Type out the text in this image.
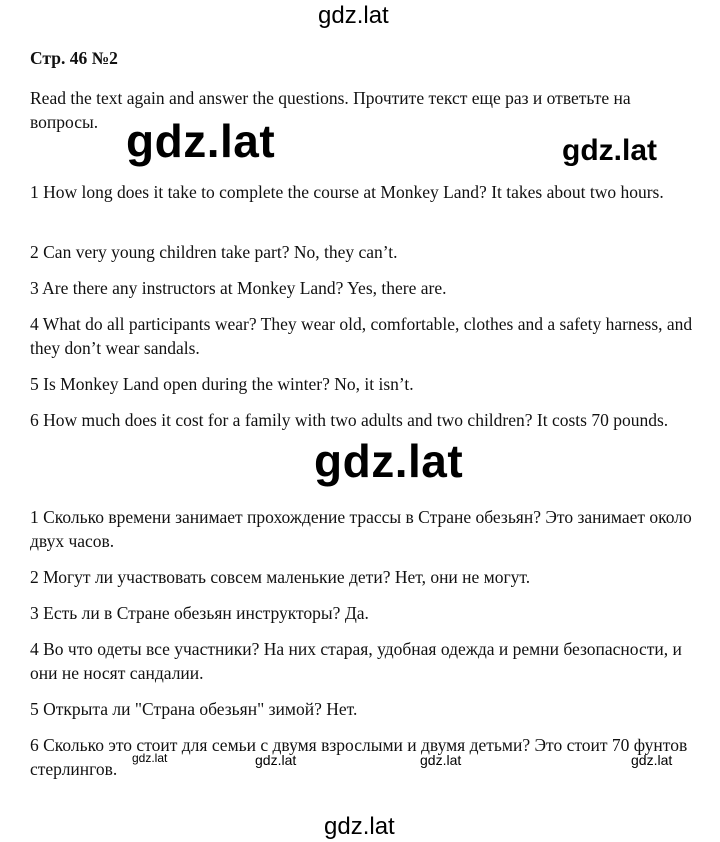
Стр. 46 №2
Read the text again and answer the questions. Прочтите текст еще раз и ответьте на вопросы.
1 How long does it take to complete the course at Monkey Land? It takes about two hours.
2 Can very young children take part? No, they can’t.
3 Are there any instructors at Monkey Land? Yes, there are.
4 What do all participants wear? They wear old, comfortable, clothes and a safety harness, and they don’t wear sandals.
5 Is Monkey Land open during the winter? No, it isn’t.
6 How much does it cost for a family with two adults and two children? It costs 70 pounds.
1 Сколько времени занимает прохождение трассы в Стране обезьян? Это занимает около двух часов.
2 Могут ли участвовать совсем маленькие дети? Нет, они не могут.
3 Есть ли в Стране обезьян инструкторы? Да.
4 Во что одеты все участники? На них старая, удобная одежда и ремни безопасности, и они не носят сандалии.
5 Открыта ли "Страна обезьян" зимой? Нет.
6 Сколько это стоит для семьи с двумя взрослыми и двумя детьми? Это стоит 70 фунтов стерлингов.
gdz.lat
gdz.lat	gdz.lat
gdz.lat
gdz.lat	gdz.lat	gdz.lat	gdz.lat
gdz.lat
